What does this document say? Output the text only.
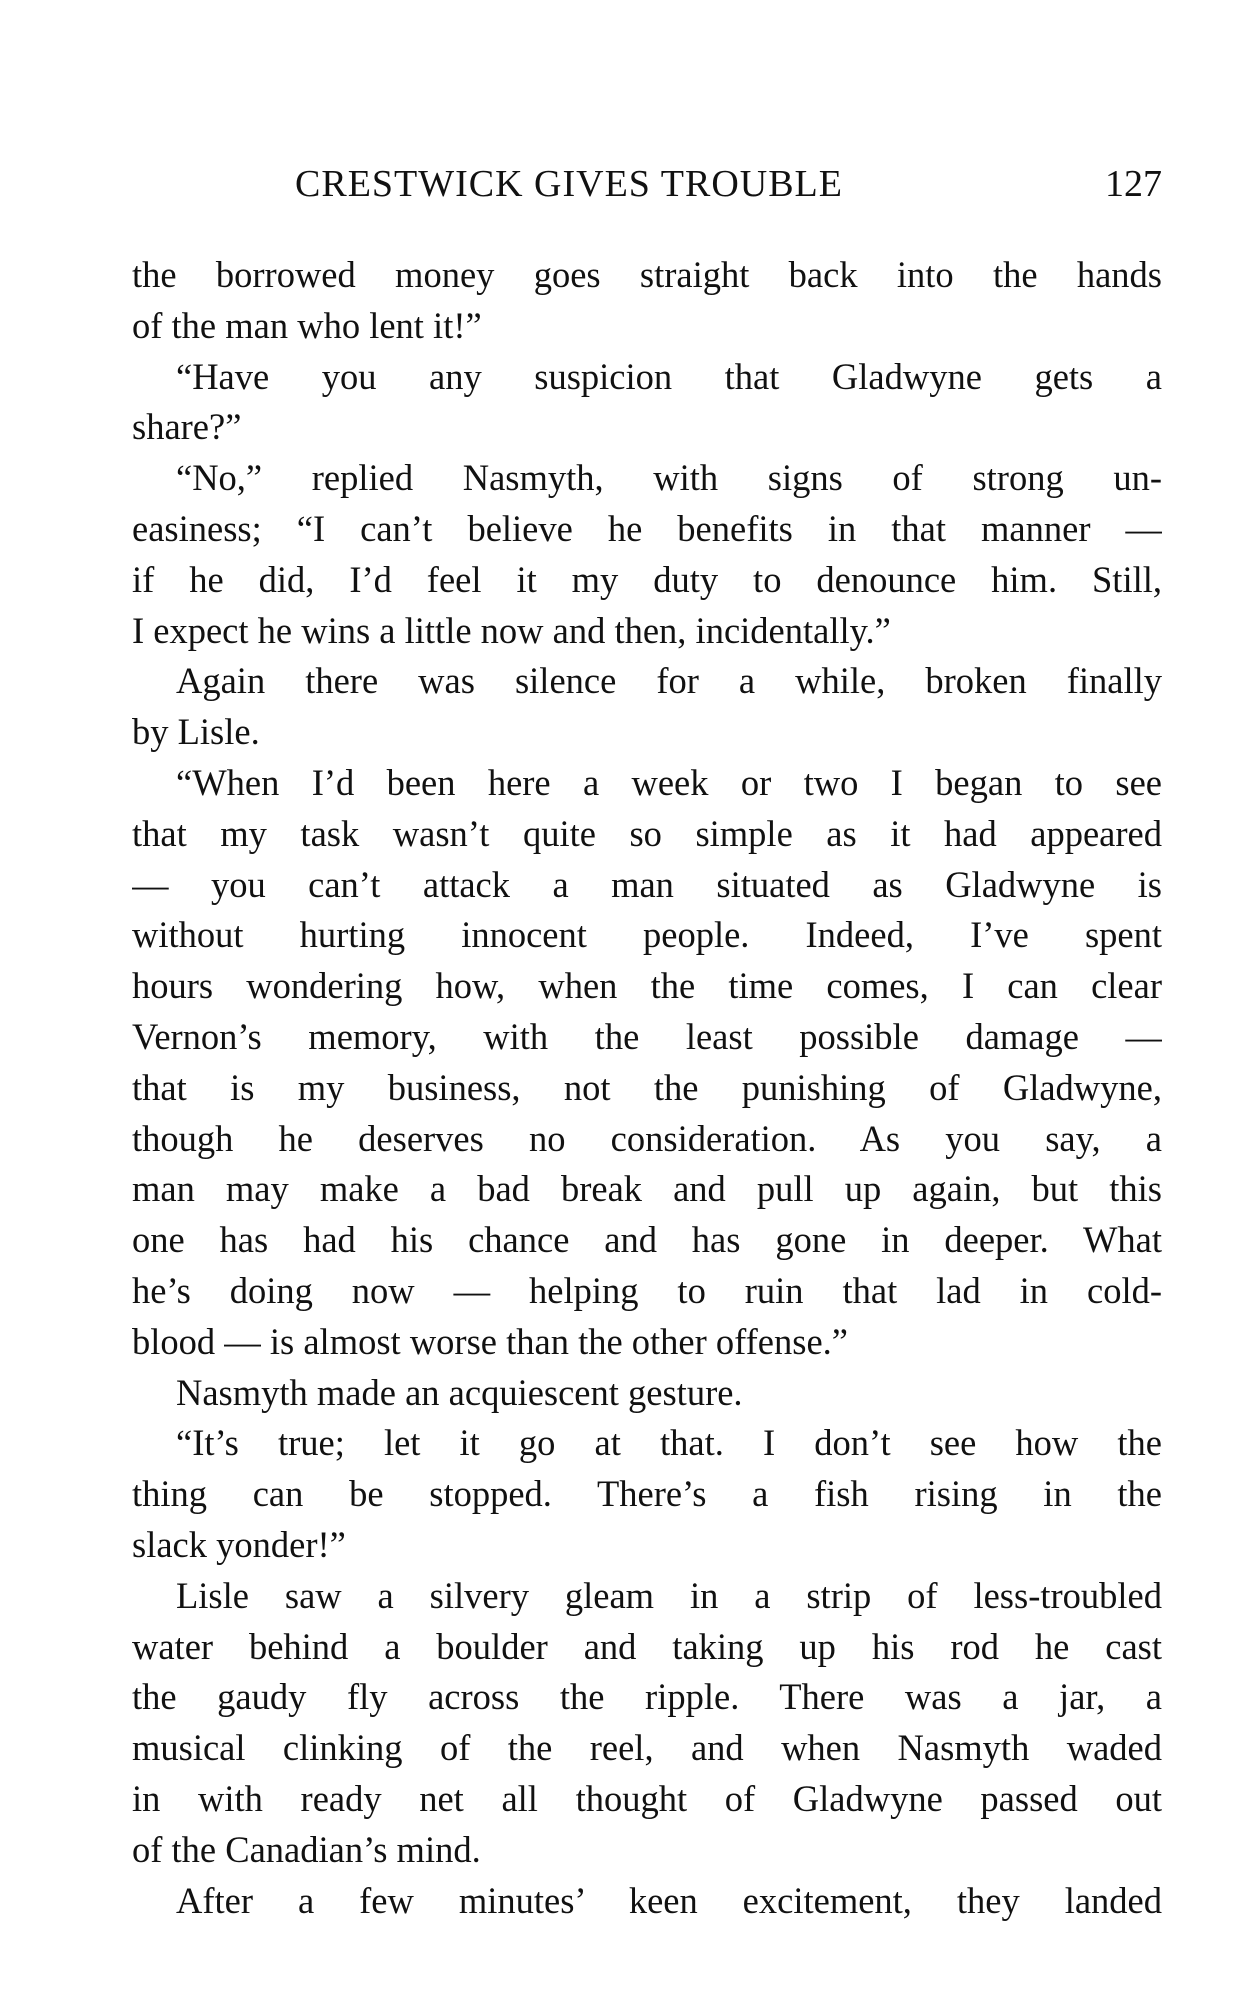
CRESTWICK GIVES TROUBLE	127
the borrowed money goes straight back into the hands
of the man who lent it!”
“Have you any suspicion that Gladwyne gets a
share?”
“No,” replied Nasmyth, with signs of strong un-
easiness; “I can’t believe he benefits in that manner —
if he did, I’d feel it my duty to denounce him. Still,
I expect he wins a little now and then, incidentally.”
Again there was silence for a while, broken finally
by Lisle.
“When I’d been here a week or two I began to see
that my task wasn’t quite so simple as it had appeared
— you can’t attack a man situated as Gladwyne is
without hurting innocent people. Indeed, I’ve spent
hours wondering how, when the time comes, I can clear
Vernon’s memory, with the least possible damage —
that is my business, not the punishing of Gladwyne,
though he deserves no consideration. As you say, a
man may make a bad break and pull up again, but this
one has had his chance and has gone in deeper. What
he’s doing now — helping to ruin that lad in cold-
blood — is almost worse than the other offense.”
Nasmyth made an acquiescent gesture.
“It’s true; let it go at that. I don’t see how the
thing can be stopped. There’s a fish rising in the
slack yonder!”
Lisle saw a silvery gleam in a strip of less-troubled
water behind a boulder and taking up his rod he cast
the gaudy fly across the ripple. There was a jar, a
musical clinking of the reel, and when Nasmyth waded
in with ready net all thought of Gladwyne passed out
of the Canadian’s mind.
After a few minutes’ keen excitement, they landed
